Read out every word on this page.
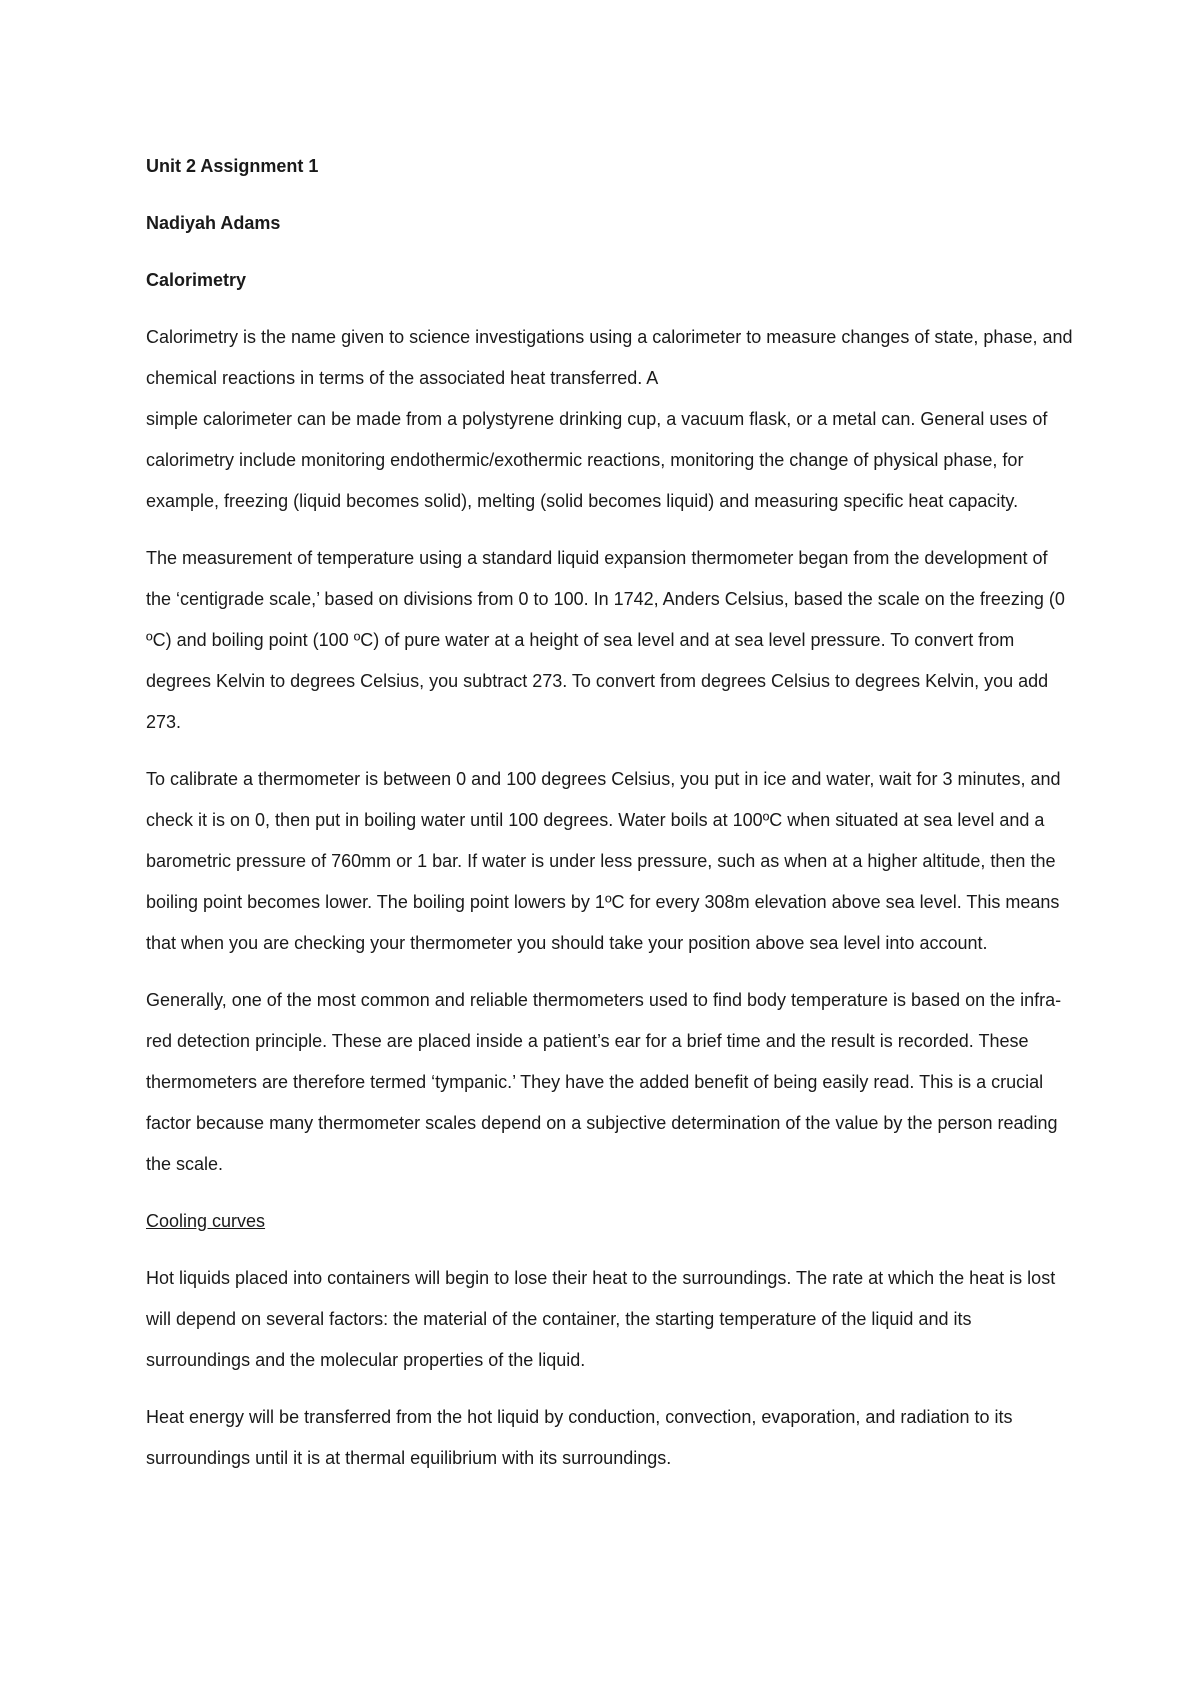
Unit 2 Assignment 1

Nadiyah Adams

Calorimetry

Calorimetry is the name given to science investigations using a calorimeter to measure changes of state, phase, and chemical reactions in terms of the associated heat transferred. A
simple calorimeter can be made from a polystyrene drinking cup, a vacuum flask, or a metal can. General uses of calorimetry include monitoring endothermic/exothermic reactions, monitoring the change of physical phase, for example, freezing (liquid becomes solid), melting (solid becomes liquid) and measuring specific heat capacity.

The measurement of temperature using a standard liquid expansion thermometer began from the development of the ‘centigrade scale,’ based on divisions from 0 to 100. In 1742, Anders Celsius, based the scale on the freezing (0 ºC) and boiling point (100 ºC) of pure water at a height of sea level and at sea level pressure. To convert from degrees Kelvin to degrees Celsius, you subtract 273. To convert from degrees Celsius to degrees Kelvin, you add 273.

To calibrate a thermometer is between 0 and 100 degrees Celsius, you put in ice and water, wait for 3 minutes, and check it is on 0, then put in boiling water until 100 degrees. Water boils at 100ºC when situated at sea level and a barometric pressure of 760mm or 1 bar. If water is under less pressure, such as when at a higher altitude, then the boiling point becomes lower. The boiling point lowers by 1ºC for every 308m elevation above sea level. This means that when you are checking your thermometer you should take your position above sea level into account.

Generally, one of the most common and reliable thermometers used to find body temperature is based on the infra-red detection principle. These are placed inside a patient’s ear for a brief time and the result is recorded. These thermometers are therefore termed ‘tympanic.’ They have the added benefit of being easily read. This is a crucial factor because many thermometer scales depend on a subjective determination of the value by the person reading the scale.

Cooling curves

Hot liquids placed into containers will begin to lose their heat to the surroundings. The rate at which the heat is lost will depend on several factors: the material of the container, the starting temperature of the liquid and its surroundings and the molecular properties of the liquid.

Heat energy will be transferred from the hot liquid by conduction, convection, evaporation, and radiation to its surroundings until it is at thermal equilibrium with its surroundings.
